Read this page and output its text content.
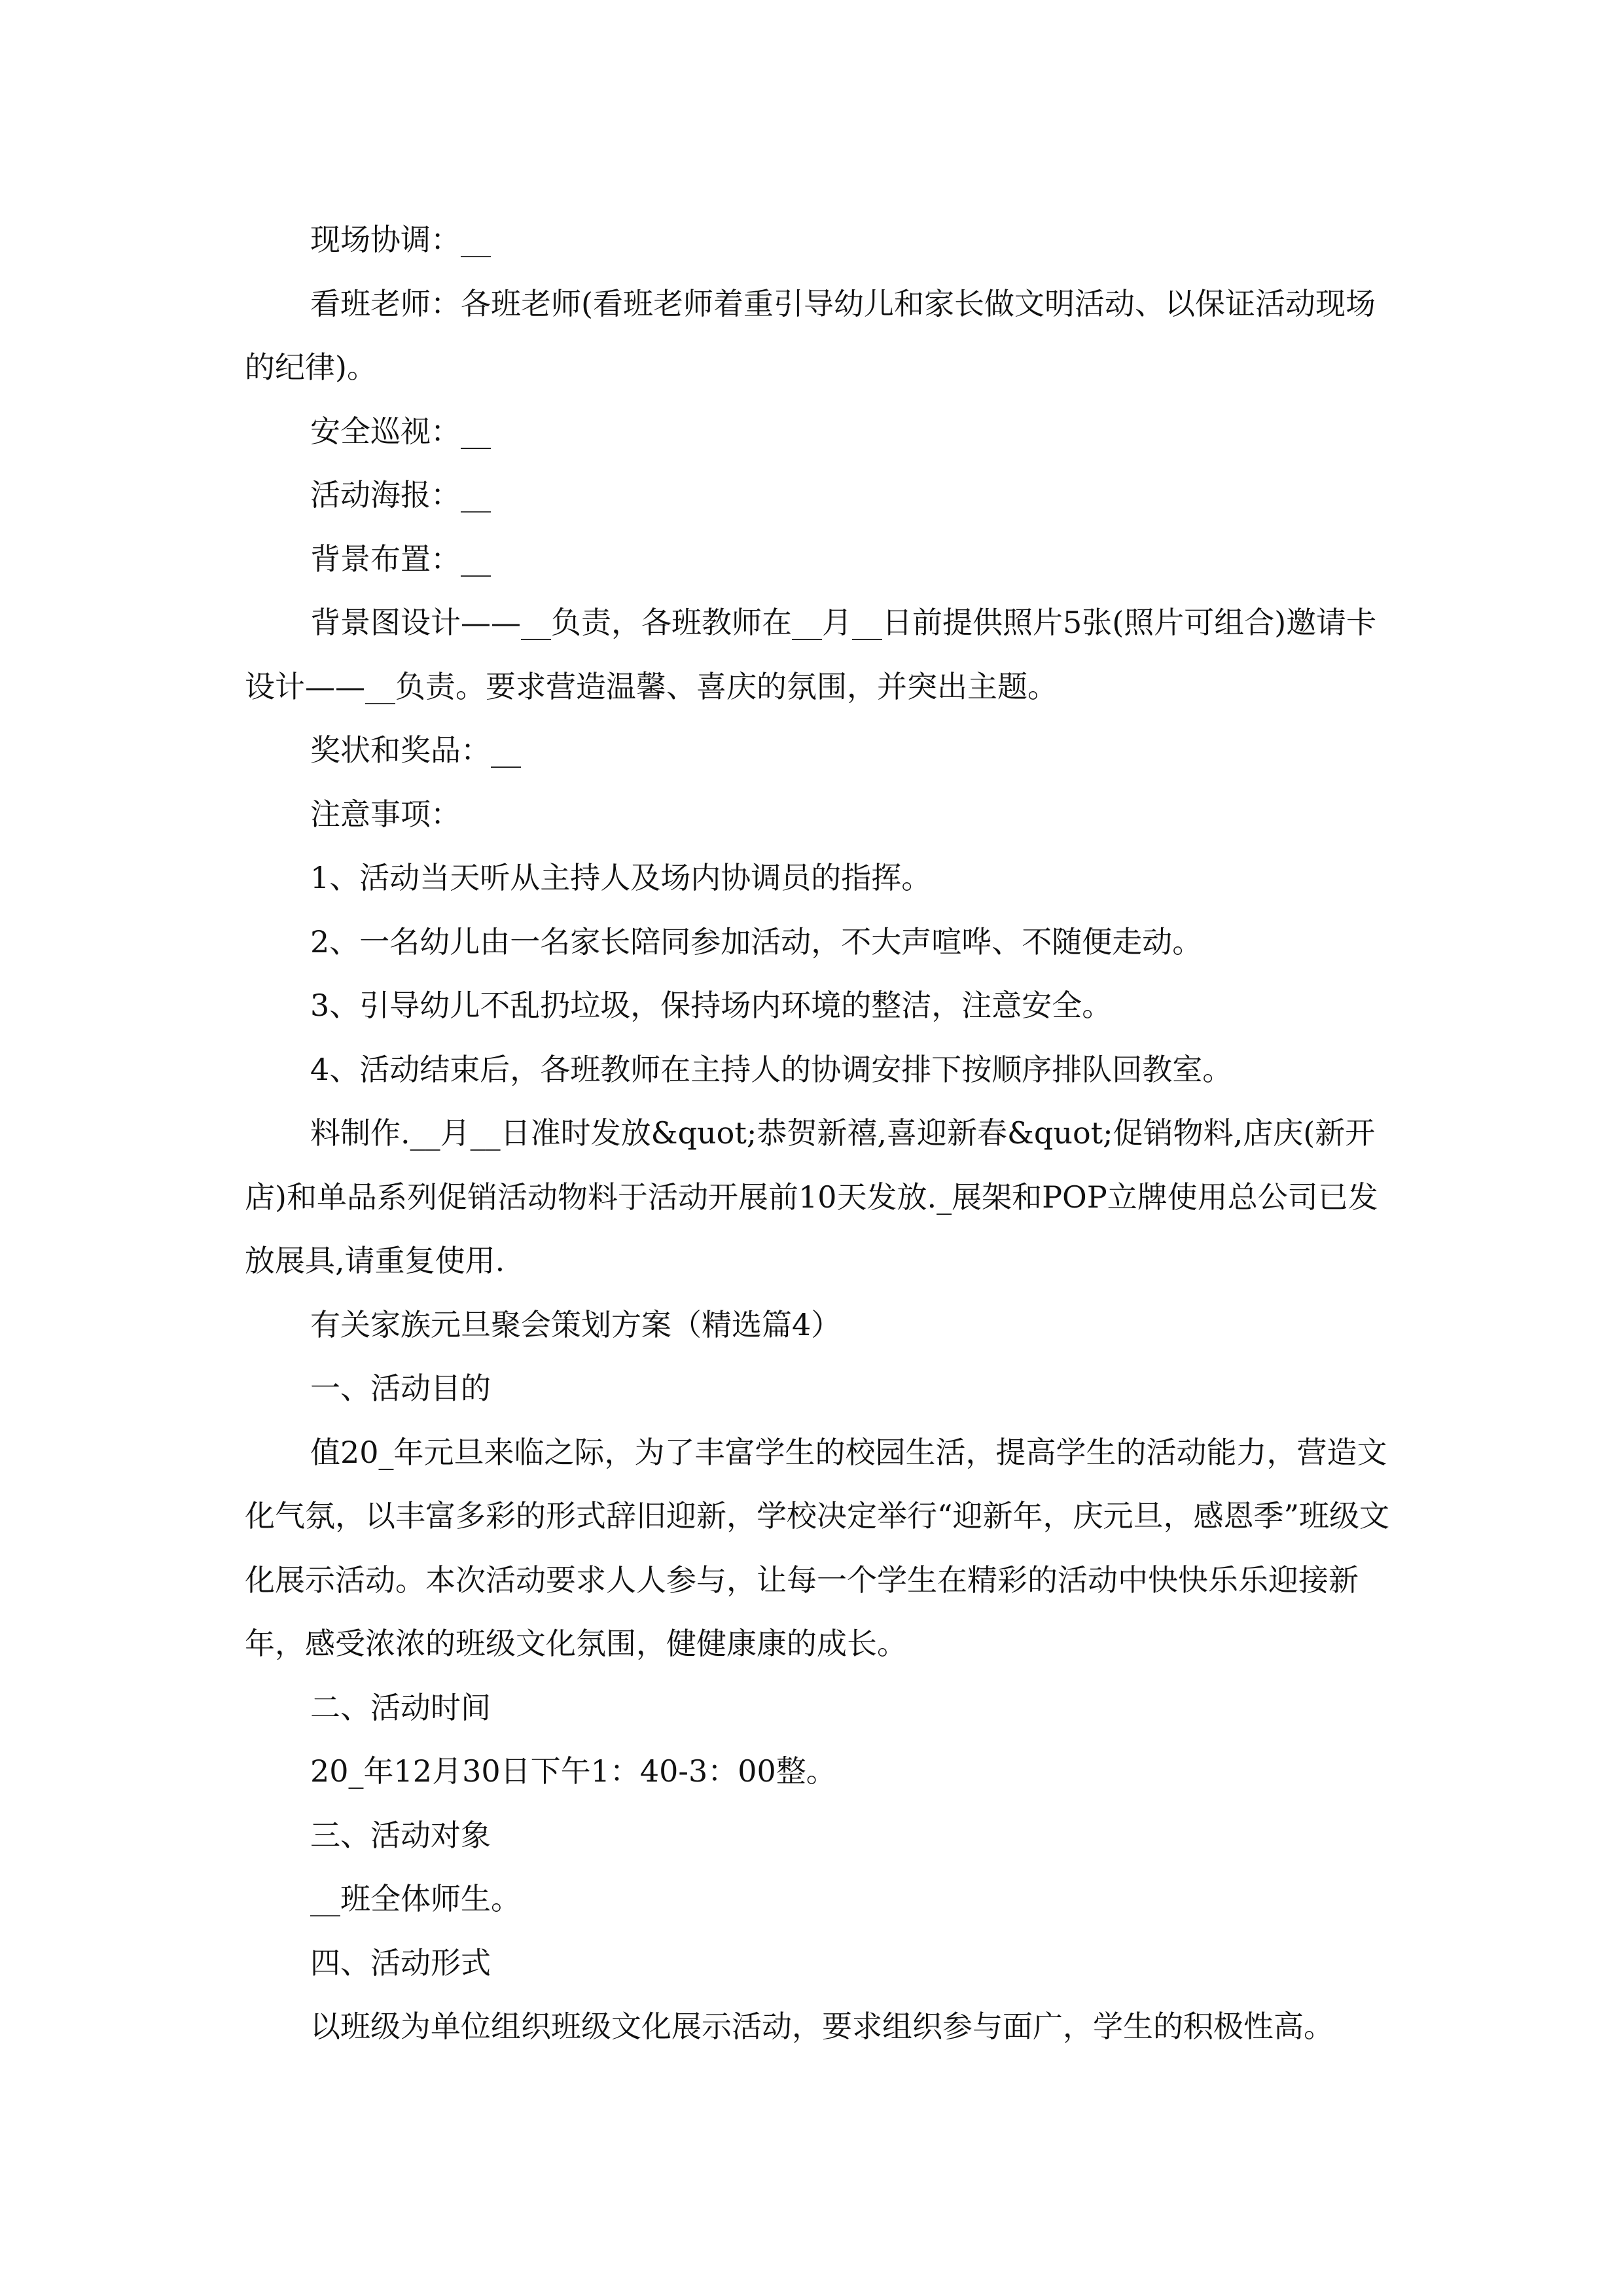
现场协调：__

看班老师：各班老师(看班老师着重引导幼儿和家长做文明活动、以保证活动现场的纪律)。

安全巡视：__

活动海报：__

背景布置：__

背景图设计——__负责，各班教师在__月__日前提供照片5张(照片可组合)邀请卡设计——__负责。要求营造温馨、喜庆的氛围，并突出主题。

奖状和奖品：__

注意事项：

1、活动当天听从主持人及场内协调员的指挥。

2、一名幼儿由一名家长陪同参加活动，不大声喧哗、不随便走动。

3、引导幼儿不乱扔垃圾，保持场内环境的整洁，注意安全。

4、活动结束后，各班教师在主持人的协调安排下按顺序排队回教室。

料制作.__月__日准时发放&quot;恭贺新禧,喜迎新春&quot;促销物料,店庆(新开店)和单品系列促销活动物料于活动开展前10天发放._展架和POP立牌使用总公司已发放展具,请重复使用.

有关家族元旦聚会策划方案（精选篇4）

一、活动目的

值20_年元旦来临之际，为了丰富学生的校园生活，提高学生的活动能力，营造文化气氛，以丰富多彩的形式辞旧迎新，学校决定举行“迎新年，庆元旦，感恩季”班级文化展示活动。本次活动要求人人参与，让每一个学生在精彩的活动中快快乐乐迎接新年，感受浓浓的班级文化氛围，健健康康的成长。

二、活动时间

20_年12月30日下午1：40-3：00整。

三、活动对象

__班全体师生。

四、活动形式

以班级为单位组织班级文化展示活动，要求组织参与面广，学生的积极性高。
